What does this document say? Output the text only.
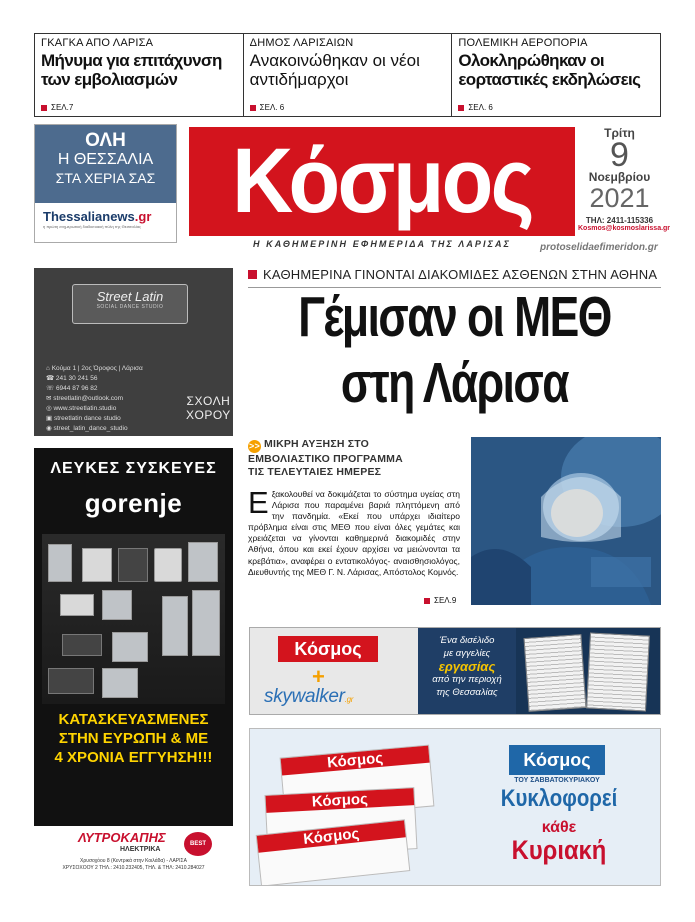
ΓΚΑΓΚΑ ΑΠΟ ΛΑΡΙΣΑ
Μήνυμα για επιτάχυνση των εμβολιασμών
ΣΕΛ.7
ΔΗΜΟΣ ΛΑΡΙΣΑΙΩΝ
Ανακοινώθηκαν οι νέοι αντιδήμαρχοι
ΣΕΛ. 6
ΠΟΛΕΜΙΚΗ ΑΕΡΟΠΟΡΙΑ
Ολοκληρώθηκαν οι εορταστικές εκδηλώσεις
ΣΕΛ. 6
ΟΛΗ
Η ΘΕΣΣΑΛΙΑ
ΣΤΑ ΧΕΡΙΑ ΣΑΣ
Thessalianews.gr
η πρώτη ενημερωτική διαδικτυακή πύλη της Θεσσαλίας Κόσμος
Η ΚΑΘΗΜΕΡΙΝΗ ΕΦΗΜΕΡΙΔΑ ΤΗΣ ΛΑΡΙΣΑΣ
Τρίτη
9
Νοεμβρίου
2021
ΤΗΛ: 2411-115336
Kosmos@kosmoslarissa.gr
protoselidaefimeridon.gr
Street Latin
SOCIAL DANCE STUDIO
⌂ Κούμα 1 | 2ος Όροφος | Λάρισα
☎ 241 30 241 56
☏ 6944 87 96 82
✉ streetlatin@outlook.com
◎ www.streetlatin.studio
▣ streetlatin dance studio
◉ street_latin_dance_studio
ΣΧΟΛΗ
ΧΟΡΟΥ
ΛΕΥΚΕΣ ΣΥΣΚΕΥΕΣ
gorenje
ΚΑΤΑΣΚΕΥΑΣΜΕΝΕΣ
ΣΤΗΝ ΕΥΡΩΠΗ & ΜΕ
4 ΧΡΟΝΙΑ ΕΓΓΥΗΣΗ!!!
ΛΥΤΡΟΚΑΠΗΣ
ΗΛΕΚΤΡΙΚΑ
Χρυσοχόου 8 (Κεντρικά στην Κοιλάδα) - ΛΑΡΙΣΑ
ΧΡΥΣΟΧΟΟΥ 2 ΤΗΛ.: 2410.232405, ΤΗΛ. & ΤΗΛ: 2410.284027
BEST
ΚΑΘΗΜΕΡΙΝΑ ΓΙΝΟΝΤΑΙ ΔΙΑΚΟΜΙΔΕΣ ΑΣΘΕΝΩΝ ΣΤΗΝ ΑΘΗΝΑ
Γέμισαν οι ΜΕΘ
στη Λάρισα
>> ΜΙΚΡΗ ΑΥΞΗΣΗ ΣΤΟ
ΕΜΒΟΛΙΑΣΤΙΚΟ ΠΡΟΓΡΑΜΜΑ
ΤΙΣ ΤΕΛΕΥΤΑΙΕΣ ΗΜΕΡΕΣ
Εξακολουθεί να δοκιμάζεται το σύστημα υγείας στη Λάρισα που παραμένει βαριά πληττόμενη από την πανδημία. «Εκεί που υπάρχει ιδιαίτερο πρόβλημα είναι στις ΜΕΘ που είναι όλες γεμάτες και χρειάζεται να γίνονται καθημερινά διακομιδές στην Αθήνα, όπου και εκεί έχουν αρχίσει να μειώνονται τα κρεβάτια», αναφέρει ο εντατικολόγος- αναισθησιολόγος, Διευθυντής της ΜΕΘ Γ. Ν. Λάρισας, Απόστολος Κομνός.
ΣΕΛ.9
Κόσμος
+
skywalker.gr
Ένα δισέλιδο
με αγγελίες
εργασίας
από την περιοχή
της Θεσσαλίας
Κόσμος
Κόσμος
Κόσμος
Κόσμος
ΤΟΥ ΣΑΒΒΑΤΟΚΥΡΙΑΚΟΥ
Κυκλοφορεί
κάθε
Κυριακή
